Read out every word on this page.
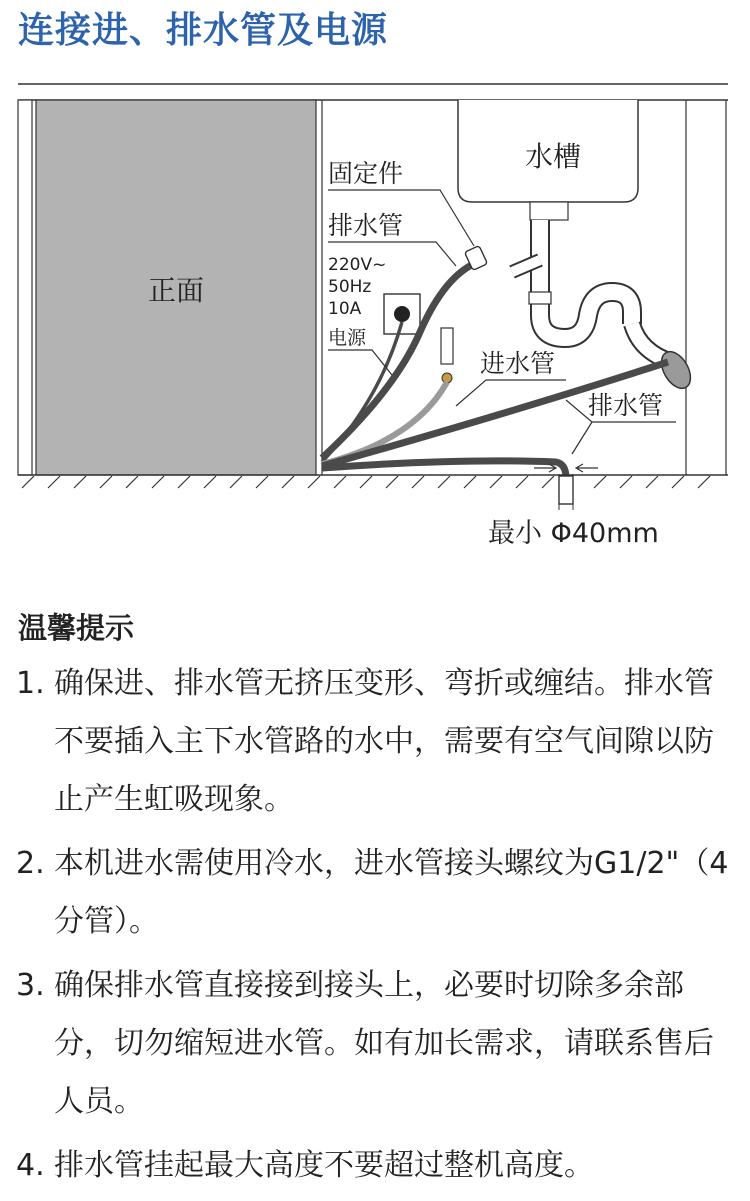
连接进、排水管及电源
正面
水槽
固定件
排水管
220V~
50Hz
10A
电源
进水管
排水管
最小 Φ40mm
温馨提示
1. 确保进、排水管无挤压变形、弯折或缠结。排水管不要插入主下水管路的水中，需要有空气间隙以防止产生虹吸现象。
2. 本机进水需使用冷水，进水管接头螺纹为G1/2"（4分管）。
3. 确保排水管直接接到接头上，必要时切除多余部分，切勿缩短进水管。如有加长需求，请联系售后人员。
4. 排水管挂起最大高度不要超过整机高度。
